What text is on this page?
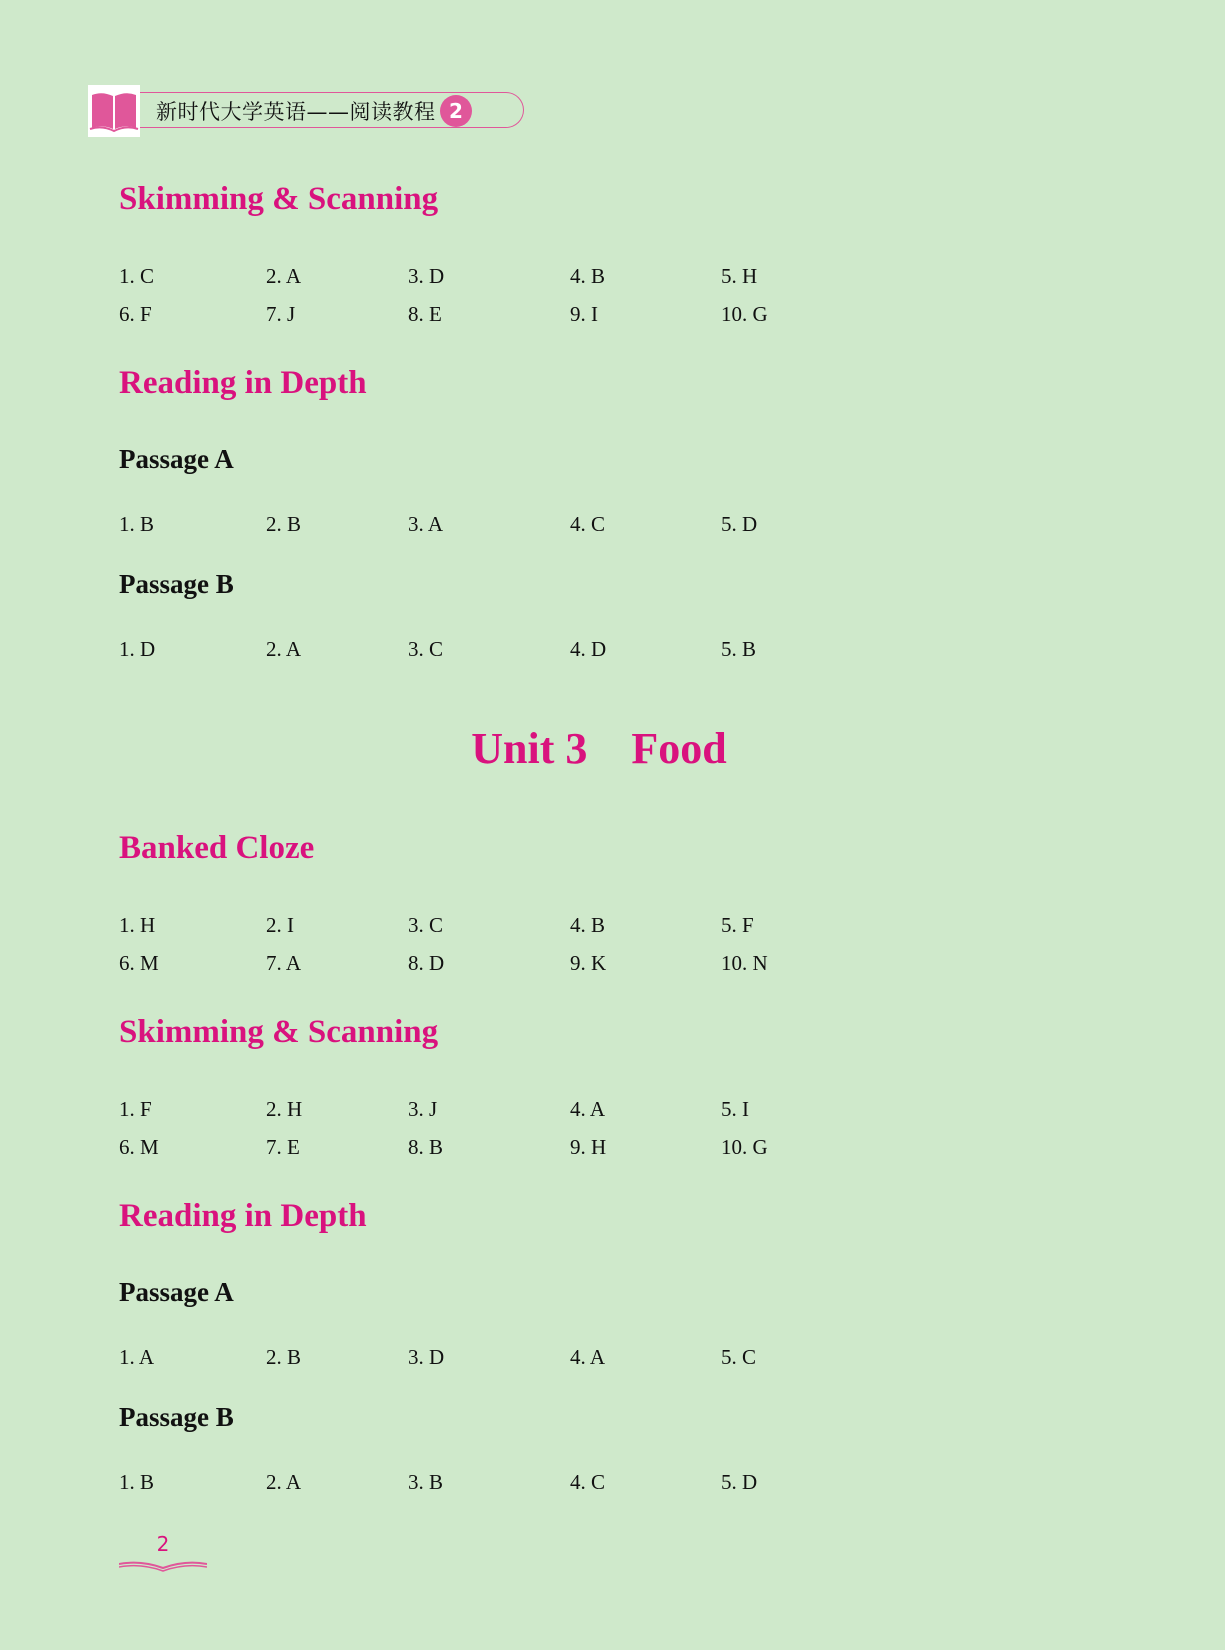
新时代大学英语——阅读教程 2
Skimming & Scanning
1. C	2. A	3. D	4. B	5. H
6. F	7. J	8. E	9. I	10. G
Reading in Depth
Passage A
1. B	2. B	3. A	4. C	5. D
Passage B
1. D	2. A	3. C	4. D	5. B
Unit 3    Food
Banked Cloze
1. H	2. I	3. C	4. B	5. F
6. M	7. A	8. D	9. K	10. N
Skimming & Scanning
1. F	2. H	3. J	4. A	5. I
6. M	7. E	8. B	9. H	10. G
Reading in Depth
Passage A
1. A	2. B	3. D	4. A	5. C
Passage B
1. B	2. A	3. B	4. C	5. D
2
